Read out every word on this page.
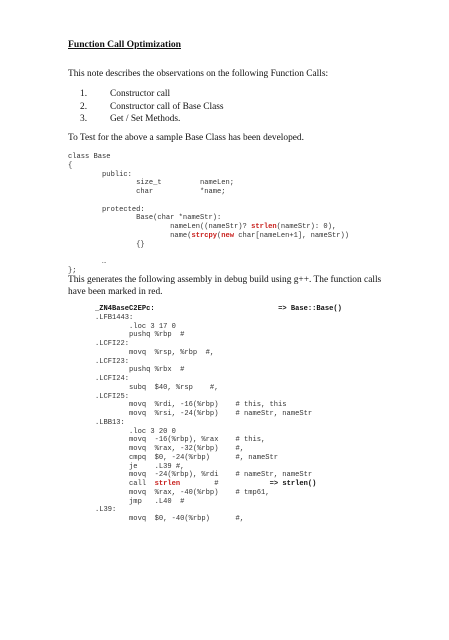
Function Call Optimization
This note describes the observations on the following Function Calls:
1. Constructor call
2. Constructor call of Base Class
3. Get / Set Methods.
To Test for the above a sample Base Class has been developed.
class Base
{
public:
size_t         nameLen;
char           *name;
protected:
Base(char *nameStr):
nameLen((nameStr)? strlen(nameStr): 0),
name(strcpy(new char[nameLen+1], nameStr))
{}
…
};
This generates the following assembly in debug build using g++. The function calls
have been marked in red.
_ZN4BaseC2EPc:	=> Base::Base()
.LFB1443:
.loc 3 17 0
pushq %rbp  #
.LCFI22:
movq  %rsp, %rbp  #,
.LCFI23:
pushq %rbx  #
.LCFI24:
subq  $40, %rsp    #,
.LCFI25:
movq  %rdi, -16(%rbp)    # this, this
movq  %rsi, -24(%rbp)    # nameStr, nameStr
.LBB13:
.loc 3 20 0
movq  -16(%rbp), %rax    # this,
movq  %rax, -32(%rbp)    #,
cmpq  $0, -24(%rbp)      #, nameStr
je    .L39 #,
movq  -24(%rbp), %rdi    # nameStr, nameStr
call  strlen        #            => strlen()
movq  %rax, -40(%rbp)    # tmp61,
jmp   .L40  #
.L39:
movq  $0, -40(%rbp)      #,
